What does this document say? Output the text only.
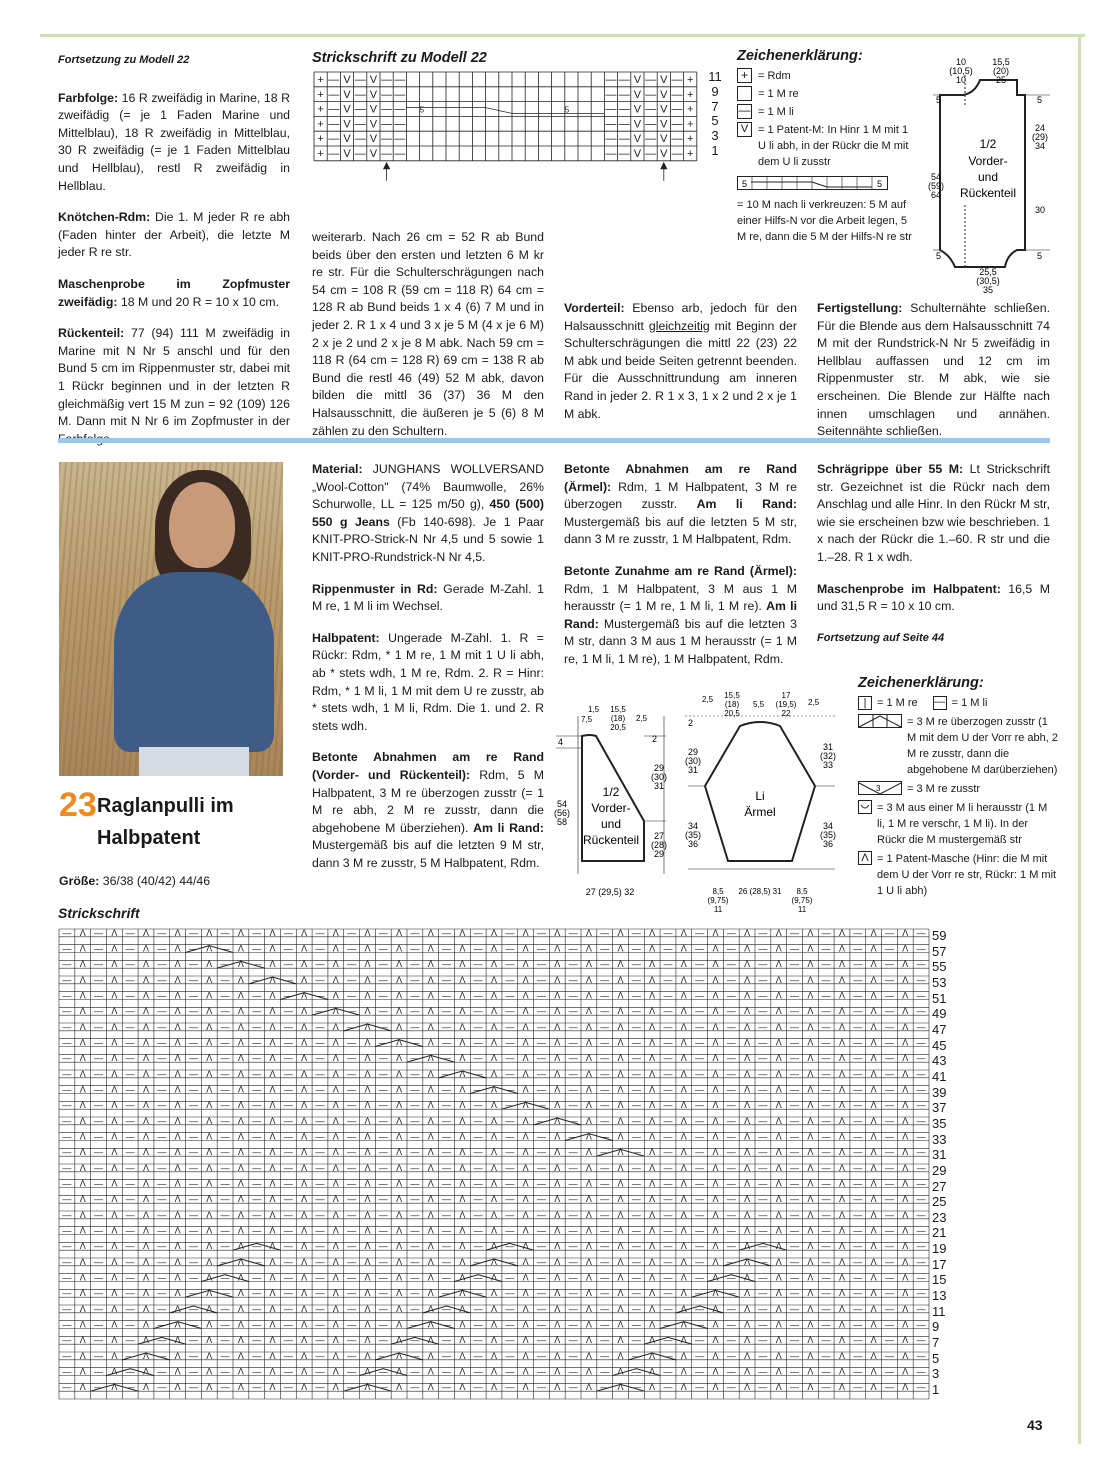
Fortsetzung zu Modell 22

Farbfolge: 16 R zweifädig in Marine, 18 R zweifädig (= je 1 Faden Marine und Mittelblau), 18 R zweifädig in Mittelblau, 30 R zweifädig (= je 1 Faden Mittelblau und Hellblau), restl R zweifädig in Hellblau.

Knötchen-Rdm: Die 1. M jeder R re abh (Faden hinter der Arbeit), die letzte M jeder R re str.

Maschenprobe im Zopfmuster zweifädig: 18 M und 20 R = 10 x 10 cm.

Rückenteil: 77 (94) 111 M zweifädig in Marine mit N Nr 5 anschl und für den Bund 5 cm im Rippenmuster str, dabei mit 1 Rückr beginnen und in der letzten R gleichmäßig vert 15 M zun = 92 (109) 126 M. Dann mit N Nr 6 im Zopfmuster in der

Strickschrift zu Modell 22
+ — V — V — —	— — V — V — +
+ — V — V — —	— — V — V — +
+ — V — V — —	— — V — V — +
+ — V — V — —	— — V — V — +
+ — V — V — —	— — V — V — +
+ — V — V — —	— — V — V — +
5	5
11
9
7
5
3
1

weiterarb. Nach 26 cm = 52 R ab Bund beids über den ersten und letzten 6 M kr re str. Für die Schulterschrägungen nach 54 cm = 108 R (59 cm = 118 R) 64 cm = 128 R ab Bund beids 1 x 4 (6) 7 M und in jeder 2. R 1 x 4 und 3 x je 5 M (4 x je 6 M) 2 x je 2 und 2 x je 8 M abk. Nach 59 cm = 118 R (64 cm = 128 R) 69 cm = 138 R ab Bund die restl 46 (49) 52 M abk, davon bilden die mittl 36 (37) 36 M den Halsausschnitt, die äußeren je 5 (6) 8 M zählen zu den Schultern.

Zeichenerklärung:
+ = Rdm
= 1 M re
— = 1 M li
V = 1 Patent-M: In Hinr 1 M mit 1 U li abh, in der Rückr die M mit dem U li zusstr
5	5
= 10 M nach li verkreuzen: 5 M auf einer Hilfs-N vor die Arbeit legen, 5 M re, dann die 5 M der Hilfs-N re str
10
(10,5)
10
15,5
(20)
25
5	5
5	5
54
(59)
64
24
(29)
34
30
1/2
Vorder-
und
Rückenteil
25,5
(30,5)
35

Vorderteil: Ebenso arb, jedoch für den Halsausschnitt gleichzeitig mit Beginn der Schulterschrägungen die mittl 22 (23) 22 M abk und beide Seiten getrennt beenden. Für die Ausschnittrundung am inneren Rand in jeder 2. R 1 x 3, 1 x 2 und 2 x je 1 M abk.

Fertigstellung: Schulternähte schließen. Für die Blende aus dem Halsausschnitt 74 M mit der Rundstrick-N Nr 5 zweifädig in Hellblau auffassen und 12 cm im Rippenmuster str. M abk, wie sie erscheinen. Die Blende zur Hälfte nach innen umschlagen und annähen. Seitennähte schließen.

23 Raglanpulli im
Halbpatent
Größe: 36/38 (40/42) 44/46

Material: JUNGHANS WOLLVERSAND „Wool-Cotton" (74% Baumwolle, 26% Schurwolle, LL = 125 m/50 g), 450 (500) 550 g Jeans (Fb 140-698). Je 1 Paar KNIT-PRO-Strick-N Nr 4,5 und 5 sowie 1 KNIT-PRO-Rundstrick-N Nr 4,5.

Rippenmuster in Rd: Gerade M-Zahl. 1 M re, 1 M li im Wechsel.

Halbpatent: Ungerade M-Zahl. 1. R = Rückr: Rdm, * 1 M re, 1 M mit 1 U li abh, ab * stets wdh, 1 M re, Rdm. 2. R = Hinr: Rdm, * 1 M li, 1 M mit dem U re zusstr, ab * stets wdh, 1 M li, Rdm. Die 1. und 2. R stets wdh.

Betonte Abnahmen am re Rand (Vorder- und Rückenteil): Rdm, 5 M Halbpatent, 3 M re überzogen zusstr (= 1 M re abh, 2 M re zusstr, dann die abgehobene M überziehen). Am li Rand: Mustergemäß bis auf die letzten 9 M str, dann 3 M re zusstr, 5 M Halbpatent, Rdm.

Betonte Abnahmen am re Rand (Ärmel): Rdm, 1 M Halbpatent, 3 M re überzogen zusstr. Am li Rand: Mustergemäß bis auf die letzten 5 M str, dann 3 M re zusstr, 1 M Halbpatent, Rdm.

Betonte Zunahme am re Rand (Ärmel): Rdm, 1 M Halbpatent, 3 M aus 1 M herausstr (= 1 M re, 1 M li, 1 M re). Am li Rand: Mustergemäß bis auf die letzten 3 M str, dann 3 M aus 1 M herausstr (= 1 M re, 1 M li, 1 M re), 1 M Halbpatent, Rdm.

Schrägrippe über 55 M: Lt Strickschrift str. Gezeichnet ist die Rückr nach dem Anschlag und alle Hinr. In den Rückr M str, wie sie erscheinen bzw wie beschrieben. 1 x nach der Rückr die 1.–60. R str und die 1.–28. R 1 x wdh.

Maschenprobe im Halbpatent: 16,5 M und 31,5 R = 10 x 10 cm.

Fortsetzung auf Seite 44

Zeichenerklärung:
| = 1 M re — = 1 M li
= 3 M re überzogen zusstr (1 M mit dem U der Vorr re abh, 2 M re zusstr, dann die abgehobene M darüberziehen)
3 = 3 M re zusstr
= 3 M aus einer M li herausstr (1 M li, 1 M re verschr, 1 M li). In der Rückr die M mustergemäß str
Λ = 1 Patent-Masche (Hinr: die M mit dem U der Vorr re str, Rückr: 1 M mit 1 U li abh)
4	2
1,5 15,5
(18)
20,5
2,5
7,5
54
(56)
58
29
(30)
31
27
(28)
29
1/2
Vorder-
und
Rückenteil
27 (29,5) 32
2,5 15,5
(18)
20,5
5,5
17
(19,5)
22
2,5
2
29
(30)
31
34
(35)
36
31
(32)
33
34
(35)
36
Li
Ärmel
8,5
(9,75)
11
26 (28,5) 31 8,5
(9,75)
11
Strickschrift
— Λ — Λ — Λ — Λ — Λ — Λ — Λ — Λ — Λ — Λ — Λ — Λ — Λ — Λ — Λ — Λ — Λ — Λ — Λ — Λ — Λ — Λ — Λ — Λ — Λ — Λ — Λ —
— Λ — Λ — Λ — Λ — Λ — Λ — Λ — Λ — Λ — Λ — Λ — Λ — Λ — Λ — Λ — Λ — Λ — Λ — Λ — Λ — Λ — Λ — Λ — Λ — Λ — Λ — Λ —
— Λ — Λ — Λ — Λ — Λ — Λ — Λ — Λ — Λ — Λ — Λ — Λ — Λ — Λ — Λ — Λ — Λ — Λ — Λ — Λ — Λ — Λ — Λ — Λ — Λ — Λ — Λ —
— Λ — Λ — Λ — Λ — Λ — Λ — Λ — Λ — Λ — Λ — Λ — Λ — Λ — Λ — Λ — Λ — Λ — Λ — Λ — Λ — Λ — Λ — Λ — Λ — Λ — Λ — Λ —
— Λ — Λ — Λ — Λ — Λ — Λ — Λ — Λ — Λ — Λ — Λ — Λ — Λ — Λ — Λ — Λ — Λ — Λ — Λ — Λ — Λ — Λ — Λ — Λ — Λ — Λ — Λ —
— Λ — Λ — Λ — Λ — Λ — Λ — Λ — Λ — Λ — Λ — Λ — Λ — Λ — Λ — Λ — Λ — Λ — Λ — Λ — Λ — Λ — Λ — Λ — Λ — Λ — Λ — Λ —
— Λ — Λ — Λ — Λ — Λ — Λ — Λ — Λ — Λ — Λ — Λ — Λ — Λ — Λ — Λ — Λ — Λ — Λ — Λ — Λ — Λ — Λ — Λ — Λ — Λ — Λ — Λ —
— Λ — Λ — Λ — Λ — Λ — Λ — Λ — Λ — Λ — Λ — Λ — Λ — Λ — Λ — Λ — Λ — Λ — Λ — Λ — Λ — Λ — Λ — Λ — Λ — Λ — Λ — Λ —
— Λ — Λ — Λ — Λ — Λ — Λ — Λ — Λ — Λ — Λ — Λ — Λ — Λ — Λ — Λ — Λ — Λ — Λ — Λ — Λ — Λ — Λ — Λ — Λ — Λ — Λ — Λ —
— Λ — Λ — Λ — Λ — Λ — Λ — Λ — Λ — Λ — Λ — Λ — Λ — Λ — Λ — Λ — Λ — Λ — Λ — Λ — Λ — Λ — Λ — Λ — Λ — Λ — Λ — Λ —
— Λ — Λ — Λ — Λ — Λ — Λ — Λ — Λ — Λ — Λ — Λ — Λ — Λ — Λ — Λ — Λ — Λ — Λ — Λ — Λ — Λ — Λ — Λ — Λ — Λ — Λ — Λ —
— Λ — Λ — Λ — Λ — Λ — Λ — Λ — Λ — Λ — Λ — Λ — Λ — Λ — Λ — Λ — Λ — Λ — Λ — Λ — Λ — Λ — Λ — Λ — Λ — Λ — Λ — Λ —
— Λ — Λ — Λ — Λ — Λ — Λ — Λ — Λ — Λ — Λ — Λ — Λ — Λ — Λ — Λ — Λ — Λ — Λ — Λ — Λ — Λ — Λ — Λ — Λ — Λ — Λ — Λ —
— Λ — Λ — Λ — Λ — Λ — Λ — Λ — Λ — Λ — Λ — Λ — Λ — Λ — Λ — Λ — Λ — Λ — Λ — Λ — Λ — Λ — Λ — Λ — Λ — Λ — Λ — Λ —
— Λ — Λ — Λ — Λ — Λ — Λ — Λ — Λ — Λ — Λ — Λ — Λ — Λ — Λ — Λ — Λ — Λ — Λ — Λ — Λ — Λ — Λ — Λ — Λ — Λ — Λ — Λ —
— Λ — Λ — Λ — Λ — Λ — Λ — Λ — Λ — Λ — Λ — Λ — Λ — Λ — Λ — Λ — Λ — Λ — Λ — Λ — Λ — Λ — Λ — Λ — Λ — Λ — Λ — Λ —
— Λ — Λ — Λ — Λ — Λ — Λ — Λ — Λ — Λ — Λ — Λ — Λ — Λ — Λ — Λ — Λ — Λ — Λ — Λ — Λ — Λ — Λ — Λ — Λ — Λ — Λ — Λ —
— Λ — Λ — Λ — Λ — Λ — Λ — Λ — Λ — Λ — Λ — Λ — Λ — Λ — Λ — Λ — Λ — Λ — Λ — Λ — Λ — Λ — Λ — Λ — Λ — Λ — Λ — Λ —
— Λ — Λ — Λ — Λ — Λ — Λ — Λ — Λ — Λ — Λ — Λ — Λ — Λ — Λ — Λ — Λ — Λ — Λ — Λ — Λ — Λ — Λ — Λ — Λ — Λ — Λ — Λ —
— Λ — Λ — Λ — Λ — Λ — Λ — Λ — Λ — Λ — Λ — Λ — Λ — Λ — Λ — Λ — Λ — Λ — Λ — Λ — Λ — Λ — Λ — Λ — Λ — Λ — Λ — Λ —
— Λ — Λ — Λ — Λ — Λ — Λ — Λ — Λ — Λ — Λ — Λ — Λ — Λ — Λ — Λ — Λ — Λ — Λ — Λ — Λ — Λ — Λ — Λ — Λ — Λ — Λ — Λ —
— Λ — Λ — Λ — Λ — Λ — Λ — Λ — Λ — Λ — Λ — Λ — Λ — Λ — Λ — Λ — Λ — Λ — Λ — Λ — Λ — Λ — Λ — Λ — Λ — Λ — Λ — Λ —
— Λ — Λ — Λ — Λ — Λ — Λ — Λ — Λ — Λ — Λ — Λ — Λ — Λ — Λ — Λ — Λ — Λ — Λ — Λ — Λ — Λ — Λ — Λ — Λ — Λ — Λ — Λ —
— Λ — Λ — Λ — Λ — Λ — Λ — Λ — Λ — Λ — Λ — Λ — Λ — Λ — Λ — Λ — Λ — Λ — Λ — Λ — Λ — Λ — Λ — Λ — Λ — Λ — Λ — Λ —
— Λ — Λ — Λ — Λ — Λ — Λ — Λ — Λ — Λ — Λ — Λ — Λ — Λ — Λ — Λ — Λ — Λ — Λ — Λ — Λ — Λ — Λ — Λ — Λ — Λ — Λ — Λ —
— Λ — Λ — Λ — Λ — Λ — Λ — Λ — Λ — Λ — Λ — Λ — Λ — Λ — Λ — Λ — Λ — Λ — Λ — Λ — Λ — Λ — Λ — Λ — Λ — Λ — Λ — Λ —
— Λ — Λ — Λ — Λ — Λ — Λ — Λ — Λ — Λ — Λ — Λ — Λ — Λ — Λ — Λ — Λ — Λ — Λ — Λ — Λ — Λ — Λ — Λ — Λ — Λ — Λ — Λ —
— Λ — Λ — Λ — Λ — Λ — Λ — Λ — Λ — Λ — Λ — Λ — Λ — Λ — Λ — Λ — Λ — Λ — Λ — Λ — Λ — Λ — Λ — Λ — Λ — Λ — Λ — Λ —
— Λ — Λ — Λ — Λ — Λ — Λ — Λ — Λ — Λ — Λ — Λ — Λ — Λ — Λ — Λ — Λ — Λ — Λ — Λ — Λ — Λ — Λ — Λ — Λ — Λ — Λ — Λ —
— Λ — Λ — Λ — Λ — Λ — Λ — Λ — Λ — Λ — Λ — Λ — Λ — Λ — Λ — Λ — Λ — Λ — Λ — Λ — Λ — Λ — Λ — Λ — Λ — Λ — Λ — Λ —
59
57
55
53
51
49
47
45
43
41
39
37
35
33
31
29
27
25
23
21
19
17
15
13
11
9
7
5
3
1
43
